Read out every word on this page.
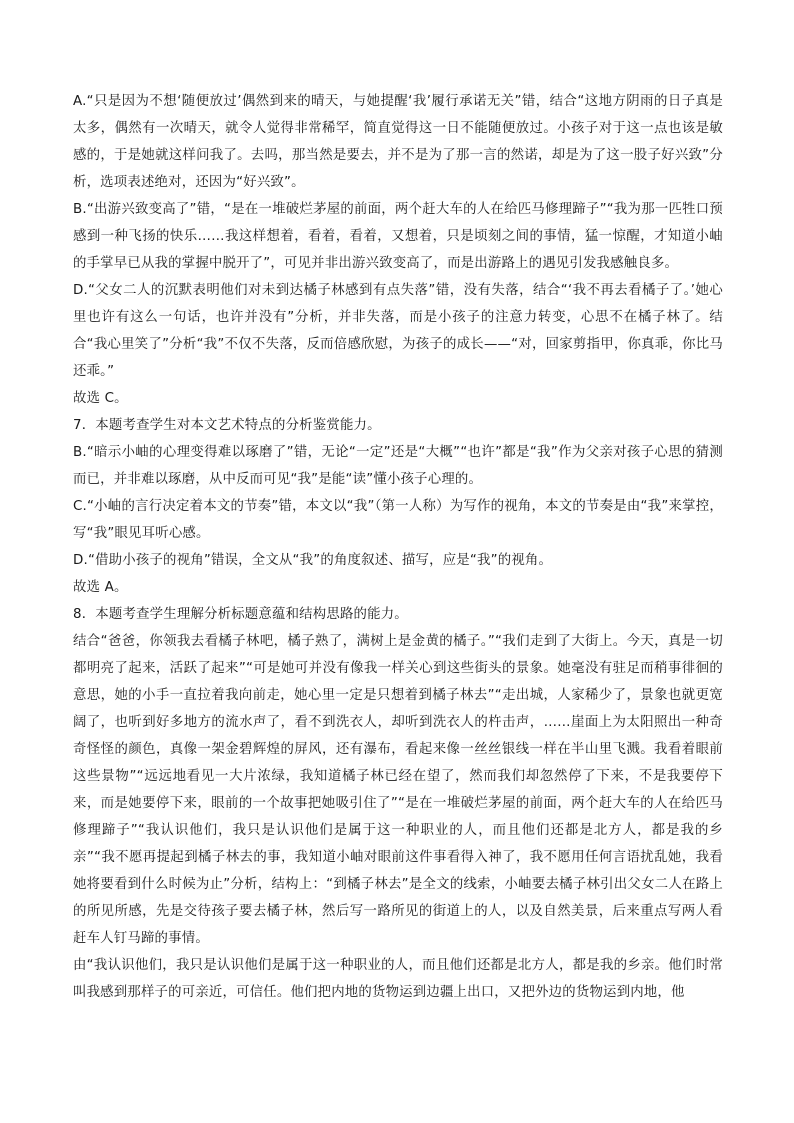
A.“只是因为不想‘随便放过’偶然到来的晴天，与她提醒‘我’履行承诺无关”错，结合“这地方阴雨的日子真是太多，偶然有一次晴天，就令人觉得非常稀罕，简直觉得这一日不能随便放过。小孩子对于这一点也该是敏感的，于是她就这样问我了。去吗，那当然是要去，并不是为了那一言的然诺，却是为了这一股子好兴致”分析，选项表述绝对，还因为“好兴致”。

B.“出游兴致变高了”错，“是在一堆破烂茅屋的前面，两个赶大车的人在给匹马修理蹄子”“我为那一匹牲口预感到一种飞扬的快乐……我这样想着，看着，看着，又想着，只是顷刻之间的事情，猛一惊醒，才知道小岫的手掌早已从我的掌握中脱开了”，可见并非出游兴致变高了，而是出游路上的遇见引发我感触良多。

D.“父女二人的沉默表明他们对未到达橘子林感到有点失落”错，没有失落，结合“‘我不再去看橘子了。’她心里也许有这么一句话，也许并没有”分析，并非失落，而是小孩子的注意力转变，心思不在橘子林了。结合“我心里笑了”分析“我”不仅不失落，反而倍感欣慰，为孩子的成长——“对，回家剪指甲，你真乖，你比马还乖。”

故选 C。

7．本题考查学生对本文艺术特点的分析鉴赏能力。

B.“暗示小岫的心理变得难以琢磨了”错，无论“一定”还是“大概”“也许”都是“我”作为父亲对孩子心思的猜测而已，并非难以琢磨，从中反而可见“我”是能“读”懂小孩子心理的。

C.“小岫的言行决定着本文的节奏”错，本文以“我”（第一人称）为写作的视角，本文的节奏是由“我”来掌控，写“我”眼见耳听心感。

D.“借助小孩子的视角”错误，全文从“我”的角度叙述、描写，应是“我”的视角。

故选 A。

8．本题考查学生理解分析标题意蕴和结构思路的能力。

结合“爸爸，你领我去看橘子林吧，橘子熟了，满树上是金黄的橘子。”“我们走到了大街上。今天，真是一切都明亮了起来，活跃了起来”“可是她可并没有像我一样关心到这些街头的景象。她毫没有驻足而稍事徘徊的意思，她的小手一直拉着我向前走，她心里一定是只想着到橘子林去”“走出城，人家稀少了，景象也就更宽阔了，也听到好多地方的流水声了，看不到洗衣人，却听到洗衣人的杵击声，……崖面上为太阳照出一种奇奇怪怪的颜色，真像一架金碧辉煌的屏风，还有瀑布，看起来像一丝丝银线一样在半山里飞溅。我看着眼前这些景物”“远远地看见一大片浓绿，我知道橘子林已经在望了，然而我们却忽然停了下来，不是我要停下来，而是她要停下来，眼前的一个故事把她吸引住了”“是在一堆破烂茅屋的前面，两个赶大车的人在给匹马修理蹄子”“我认识他们，我只是认识他们是属于这一种职业的人，而且他们还都是北方人，都是我的乡亲”“我不愿再提起到橘子林去的事，我知道小岫对眼前这件事看得入神了，我不愿用任何言语扰乱她，我看她将要看到什么时候为止”分析，结构上：“到橘子林去”是全文的线索，小岫要去橘子林引出父女二人在路上的所见所感，先是交待孩子要去橘子林，然后写一路所见的街道上的人，以及自然美景，后来重点写两人看赶车人钉马蹄的事情。

由“我认识他们，我只是认识他们是属于这一种职业的人，而且他们还都是北方人，都是我的乡亲。他们时常叫我感到那样子的可亲近，可信任。他们把内地的货物运到边疆上出口，又把外边的货物运到内地，他
